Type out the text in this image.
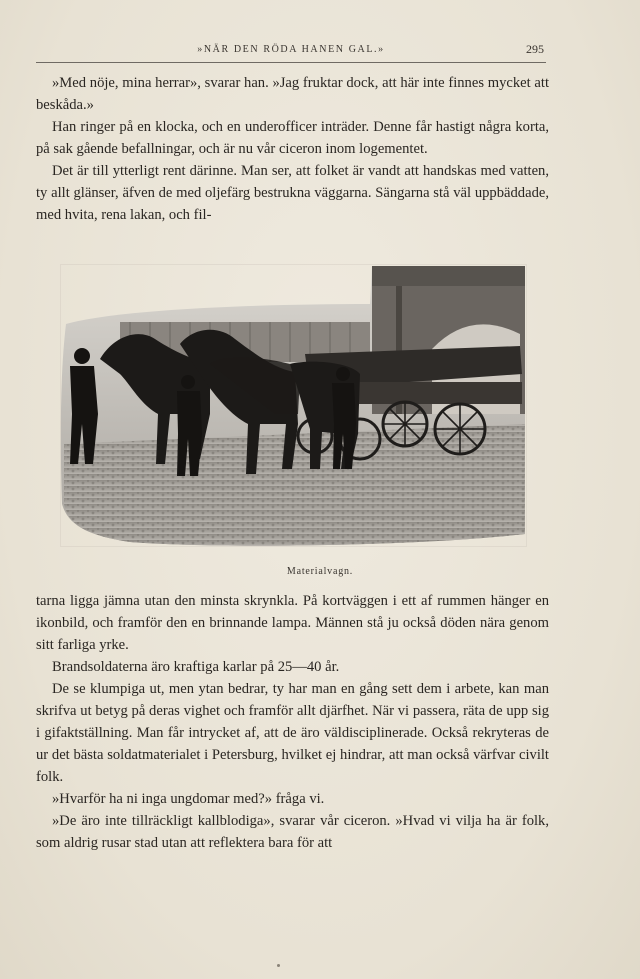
»NÄR DEN RÖDA HANEN GAL.»	295

»Med nöje, mina herrar», svarar han. »Jag fruktar dock, att här inte finnes mycket att beskåda.»

Han ringer på en klocka, och en underofficer inträder. Denne får hastigt några korta, på sak gående befallningar, och är nu vår ciceron inom logementet.

Det är till ytterligt rent därinne. Man ser, att folket är vandt att handskas med vatten, ty allt glänser, äfven de med oljefärg bestrukna väggarna. Sängarna stå väl uppbäddade, med hvita, rena lakan, och fil-

Materialvagn.

tarna ligga jämna utan den minsta skrynkla. På kortväggen i ett af rummen hänger en ikonbild, och framför den en brinnande lampa. Männen stå ju också döden nära genom sitt farliga yrke.

Brandsoldaterna äro kraftiga karlar på 25—40 år.

De se klumpiga ut, men ytan bedrar, ty har man en gång sett dem i arbete, kan man skrifva ut betyg på deras vighet och framför allt djärfhet. När vi passera, räta de upp sig i gifaktställning. Man får intrycket af, att de äro väldisciplinerade. Också rekryteras de ur det bästa soldatmaterialet i Petersburg, hvilket ej hindrar, att man också värfvar civilt folk.

»Hvarför ha ni inga ungdomar med?» fråga vi.

»De äro inte tillräckligt kallblodiga», svarar vår ciceron. »Hvad vi vilja ha är folk, som aldrig rusar stad utan att reflektera bara för att
